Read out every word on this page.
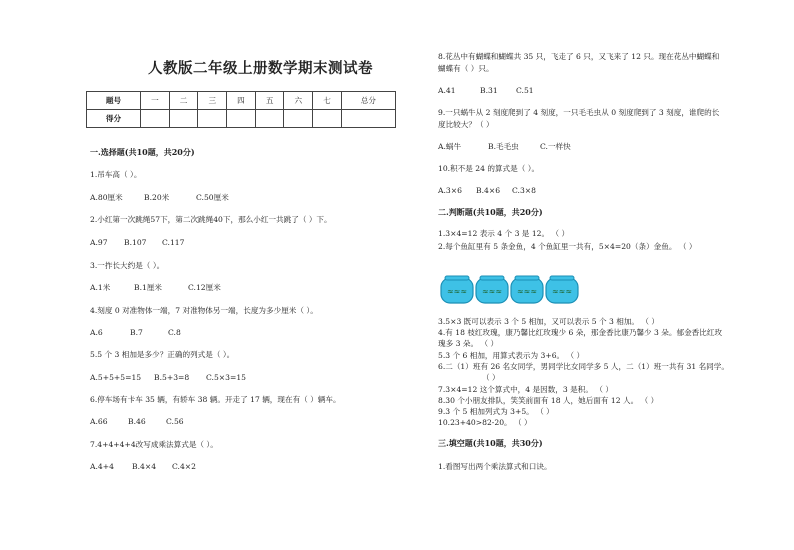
人教版二年级上册数学期末测试卷
题号	一	二	三	四	五	六	七	总分
得分								
一.选择题(共10题，共20分)
1.吊车高（ ）。
A.80厘米	B.20米	C.50厘米
2.小红第一次跳绳57下，第二次跳绳40下，那么小红一共跳了（ ）下。
A.97 B.107 C.117
3.一拃长大约是（ ）。
A.1米	B.1厘米	C.12厘米
4.刻度 0 对准物体一端，7 对准物体另一端，长度为多少厘米（ ）。
A.6	B.7	C.8
5.5 个 3 相加是多少？正确的列式是（ ）。
A.5+5+5=15 B.5+3=8 C.5×3=15
6.停车场有卡车 35 辆，有轿车 38 辆。开走了 17 辆，现在有（ ）辆车。
A.66	B.46	C.56
7.4+4+4+4改写成乘法算式是（ ）。
A.4+4 B.4×4 C.4×2
8.花丛中有蝴蝶和蝴蝶共 35 只，飞走了 6 只，又飞来了 12 只。现在花丛中蝴蝶和
蝴蝶有（ ）只。
A.41	B.31 C.51
9.一只蜗牛从 2 刻度爬到了 4 刻度，一只毛毛虫从 0 刻度爬到了 3 刻度，谁爬的长
度比较大？（ ）
A.蜗牛	B.毛毛虫	C.一样快
10.积不是 24 的算式是（ ）。
A.3×6 B.4×6 C.3×8
二.判断题(共10题，共20分)
1.3×4=12 表示 4 个 3 是 12。 （ ）
2.每个鱼缸里有 5 条金鱼，4 个鱼缸里一共有，5×4=20（条）金鱼。 （ ）
≈≈≈ ≈≈≈ ≈≈≈ ≈≈≈
3.5×3 既可以表示 3 个 5 相加，又可以表示 5 个 3 相加。 （ ）
4.有 18 枝红玫瑰，康乃馨比红玫瑰少 6 朵，那金香比康乃馨少 3 朵。郁金香比红玫
瑰多 3 朵。 （ ）
5.3 个 6 相加，用算式表示为 3+6。 （ ）
6.二（1）班有 26 名女同学，男同学比女同学多 5 人，二（1）班一共有 31 名同学。
（ ）
7.3×4=12 这个算式中，4 是因数，3 是积。 （ ）
8.30 个小朋友排队，笑笑前面有 18 人，她后面有 12 人。 （ ）
9.3 个 5 相加列式为 3+5。 （ ）
10.23+40>82-20。 （ ）
三.填空题(共10题，共30分)
1.看图写出两个乘法算式和口诀。
